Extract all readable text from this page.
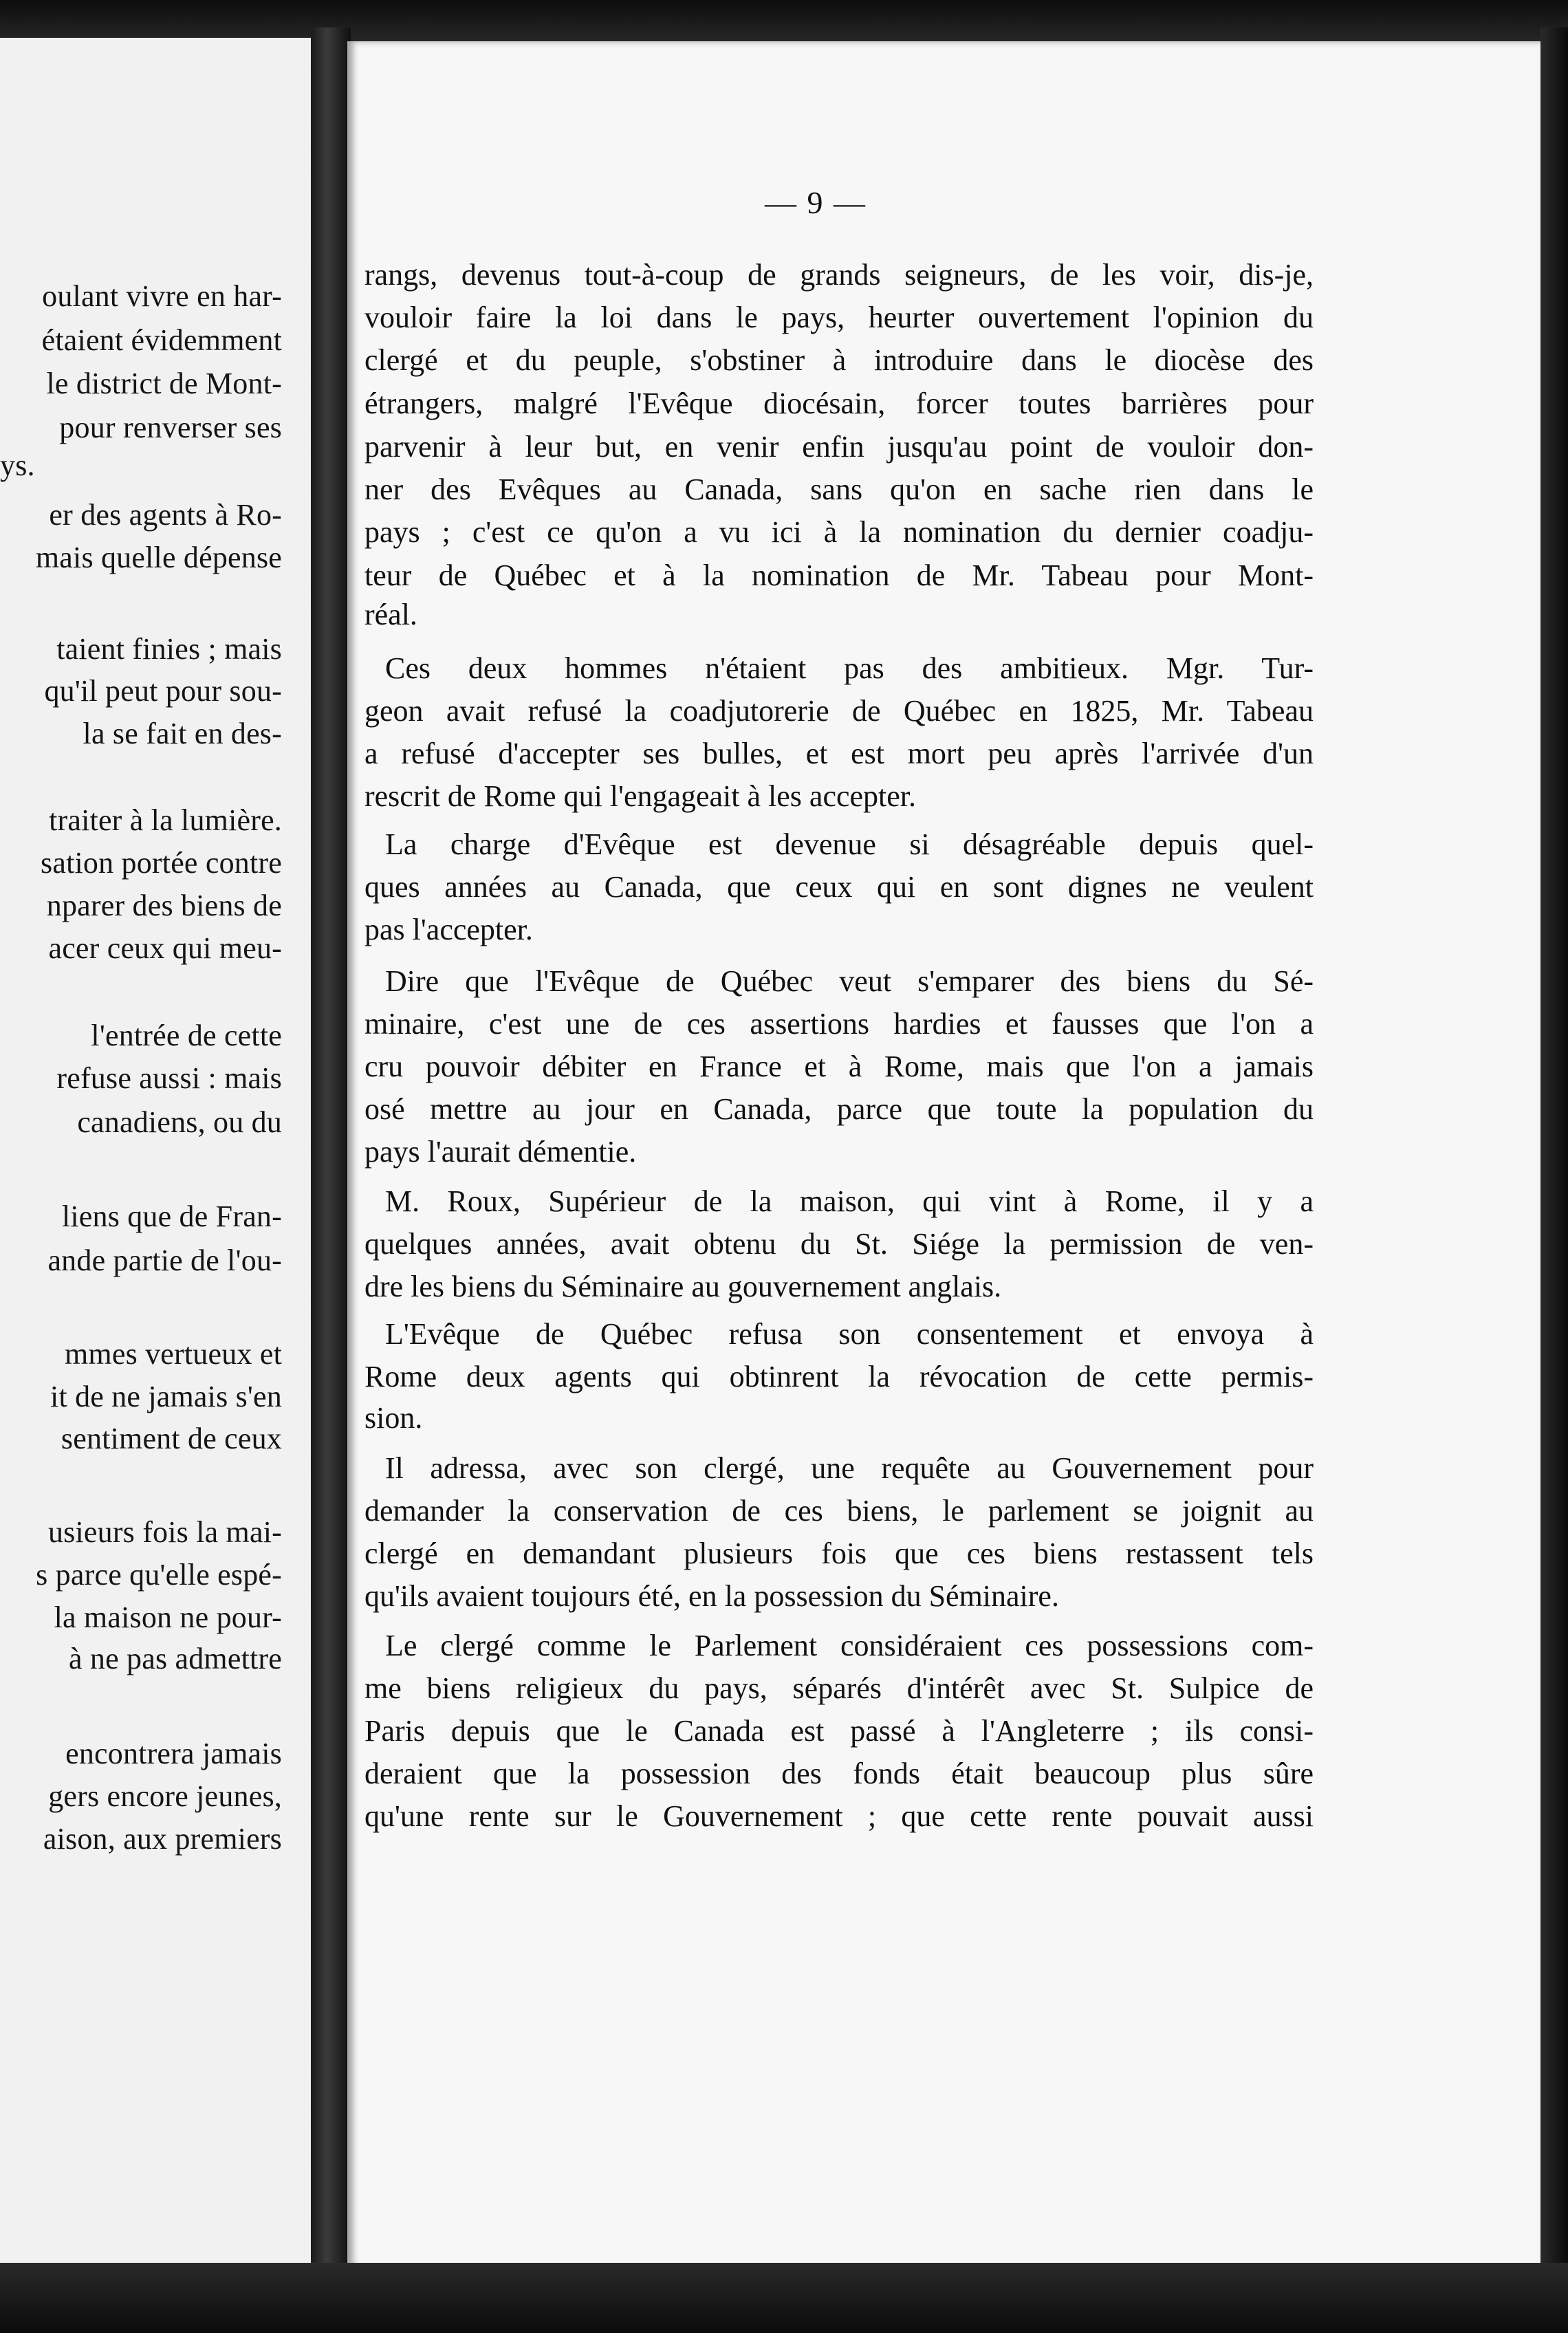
oulant vivre en har-
étaient évidemment
le district de Mont-
pour renverser ses
ys.
er des agents à Ro-
mais quelle dépense
taient finies ; mais
qu'il peut pour sou-
la se fait en des-
traiter à la lumière.
sation portée contre
nparer des biens de
acer ceux qui meu-
l'entrée de cette
refuse aussi : mais
canadiens, ou du
liens que de Fran-
ande partie de l'ou-
mmes vertueux et
it de ne jamais s'en
sentiment de ceux
usieurs fois la mai-
s parce qu'elle espé-
la maison ne pour-
à ne pas admettre
encontrera jamais
gers encore jeunes,
aison, aux premiers
— 9 —
rangs, devenus tout-à-coup de grands seigneurs, de les voir, dis-je,
vouloir faire la loi dans le pays, heurter ouvertement l'opinion du
clergé et du peuple, s'obstiner à introduire dans le diocèse des
étrangers, malgré l'Evêque diocésain, forcer toutes barrières pour
parvenir à leur but, en venir enfin jusqu'au point de vouloir don-
ner des Evêques au Canada, sans qu'on en sache rien dans le
pays ; c'est ce qu'on a vu ici à la nomination du dernier coadju-
teur de Québec et à la nomination de Mr. Tabeau pour Mont-
réal.
Ces deux hommes n'étaient pas des ambitieux. Mgr. Tur-
geon avait refusé la coadjutorerie de Québec en 1825, Mr. Tabeau
a refusé d'accepter ses bulles, et est mort peu après l'arrivée d'un
rescrit de Rome qui l'engageait à les accepter.
La charge d'Evêque est devenue si désagréable depuis quel-
ques années au Canada, que ceux qui en sont dignes ne veulent
pas l'accepter.
Dire que l'Evêque de Québec veut s'emparer des biens du Sé-
minaire, c'est une de ces assertions hardies et fausses que l'on a
cru pouvoir débiter en France et à Rome, mais que l'on a jamais
osé mettre au jour en Canada, parce que toute la population du
pays l'aurait démentie.
M. Roux, Supérieur de la maison, qui vint à Rome, il y a
quelques années, avait obtenu du St. Siége la permission de ven-
dre les biens du Séminaire au gouvernement anglais.
L'Evêque de Québec refusa son consentement et envoya à
Rome deux agents qui obtinrent la révocation de cette permis-
sion.
Il adressa, avec son clergé, une requête au Gouvernement pour
demander la conservation de ces biens, le parlement se joignit au
clergé en demandant plusieurs fois que ces biens restassent tels
qu'ils avaient toujours été, en la possession du Séminaire.
Le clergé comme le Parlement considéraient ces possessions com-
me biens religieux du pays, séparés d'intérêt avec St. Sulpice de
Paris depuis que le Canada est passé à l'Angleterre ; ils consi-
deraient que la possession des fonds était beaucoup plus sûre
qu'une rente sur le Gouvernement ; que cette rente pouvait aussi
